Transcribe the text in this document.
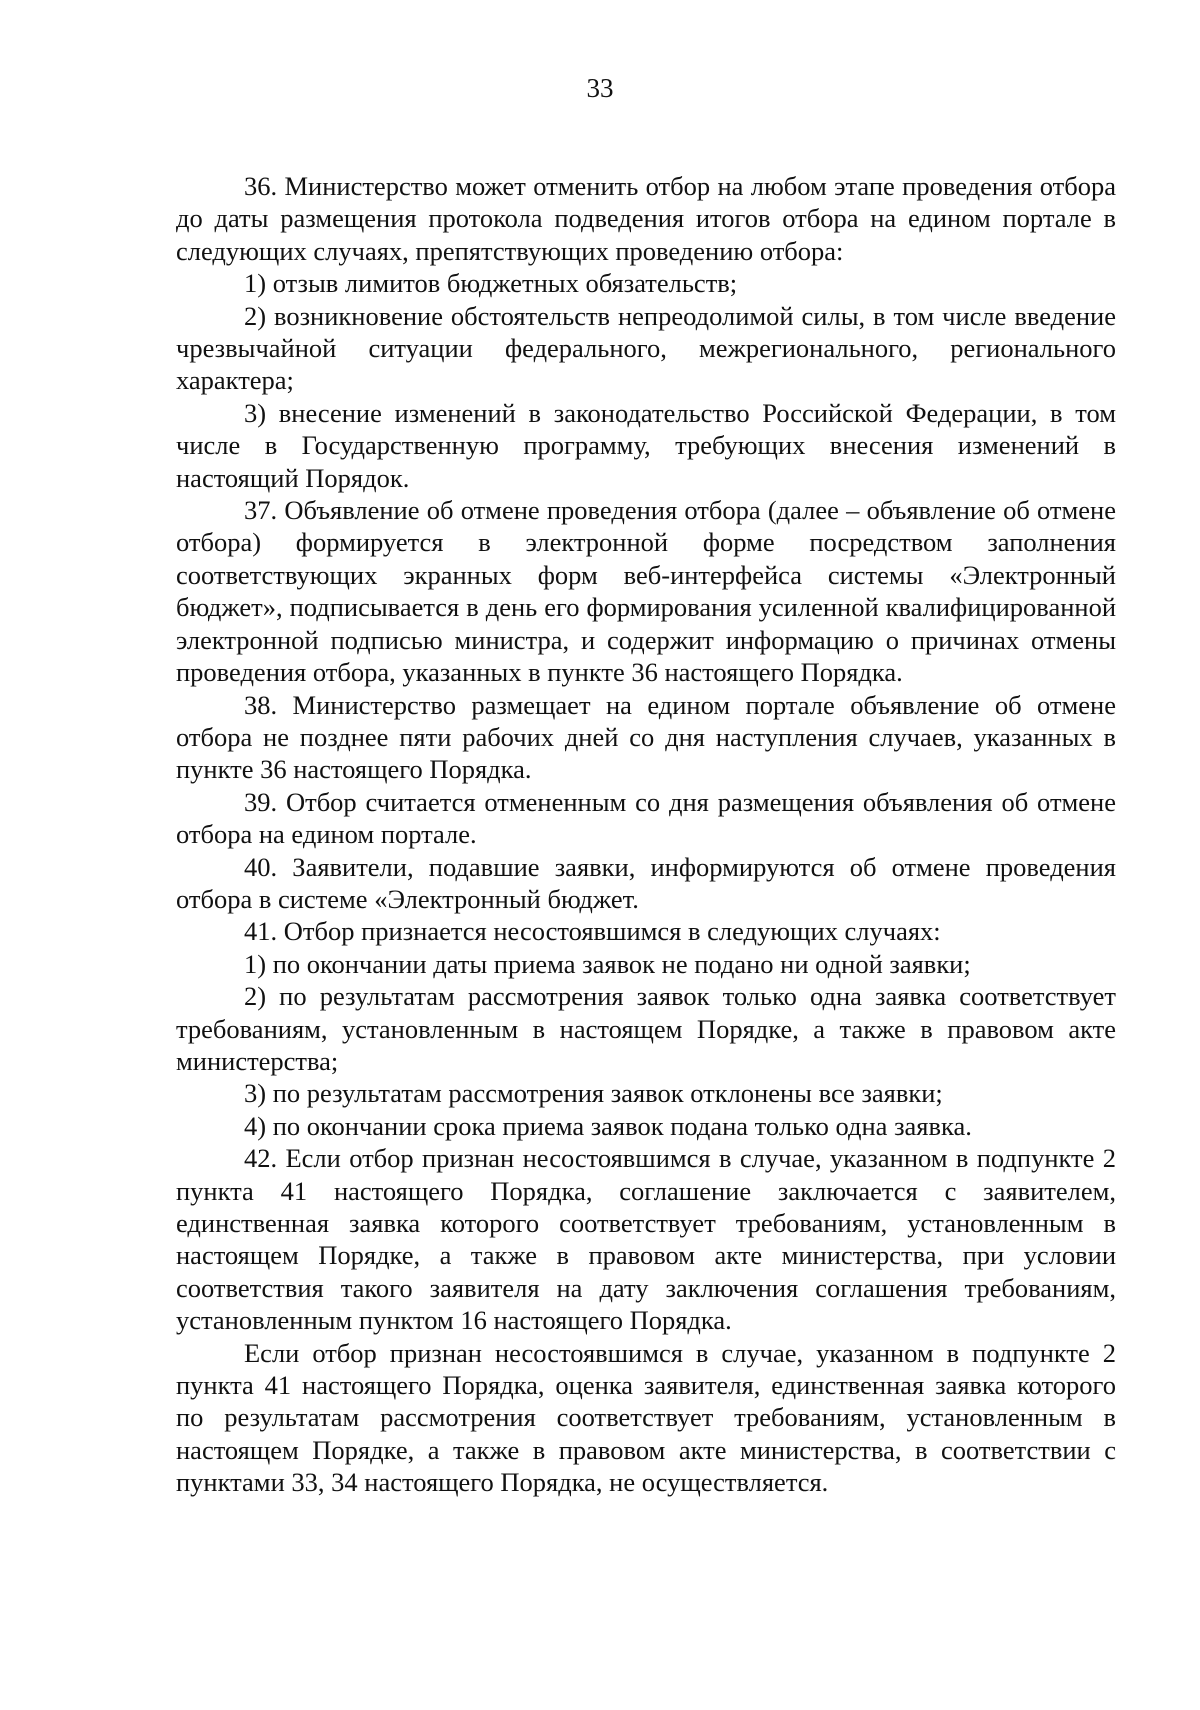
33

36. Министерство может отменить отбор на любом этапе проведения отбора до даты размещения протокола подведения итогов отбора на едином портале в следующих случаях, препятствующих проведению отбора:

1) отзыв лимитов бюджетных обязательств;

2) возникновение обстоятельств непреодолимой силы, в том числе введение чрезвычайной ситуации федерального, межрегионального, регионального характера;

3) внесение изменений в законодательство Российской Федерации, в том числе в Государственную программу, требующих внесения изменений в настоящий Порядок.

37. Объявление об отмене проведения отбора (далее – объявление об отмене отбора) формируется в электронной форме посредством заполнения соответствующих экранных форм веб-интерфейса системы «Электронный бюджет», подписывается в день его формирования усиленной квалифицированной электронной подписью министра, и содержит информацию о причинах отмены проведения отбора, указанных в пункте 36 настоящего Порядка.

38. Министерство размещает на едином портале объявление об отмене отбора не позднее пяти рабочих дней со дня наступления случаев, указанных в пункте 36 настоящего Порядка.

39. Отбор считается отмененным со дня размещения объявления об отмене отбора на едином портале.

40. Заявители, подавшие заявки, информируются об отмене проведения отбора в системе «Электронный бюджет.

41. Отбор признается несостоявшимся в следующих случаях:

1) по окончании даты приема заявок не подано ни одной заявки;

2) по результатам рассмотрения заявок только одна заявка соответствует требованиям, установленным в настоящем Порядке, а также в правовом акте министерства;

3) по результатам рассмотрения заявок отклонены все заявки;

4) по окончании срока приема заявок подана только одна заявка.

42. Если отбор признан несостоявшимся в случае, указанном в подпункте 2 пункта 41 настоящего Порядка, соглашение заключается с заявителем, единственная заявка которого соответствует требованиям, установленным в настоящем Порядке, а также в правовом акте министерства, при условии соответствия такого заявителя на дату заключения соглашения требованиям, установленным пунктом 16 настоящего Порядка.

Если отбор признан несостоявшимся в случае, указанном в подпункте 2 пункта 41 настоящего Порядка, оценка заявителя, единственная заявка которого по результатам рассмотрения соответствует требованиям, установленным в настоящем Порядке, а также в правовом акте министерства, в соответствии с пунктами 33, 34 настоящего Порядка, не осуществляется.
